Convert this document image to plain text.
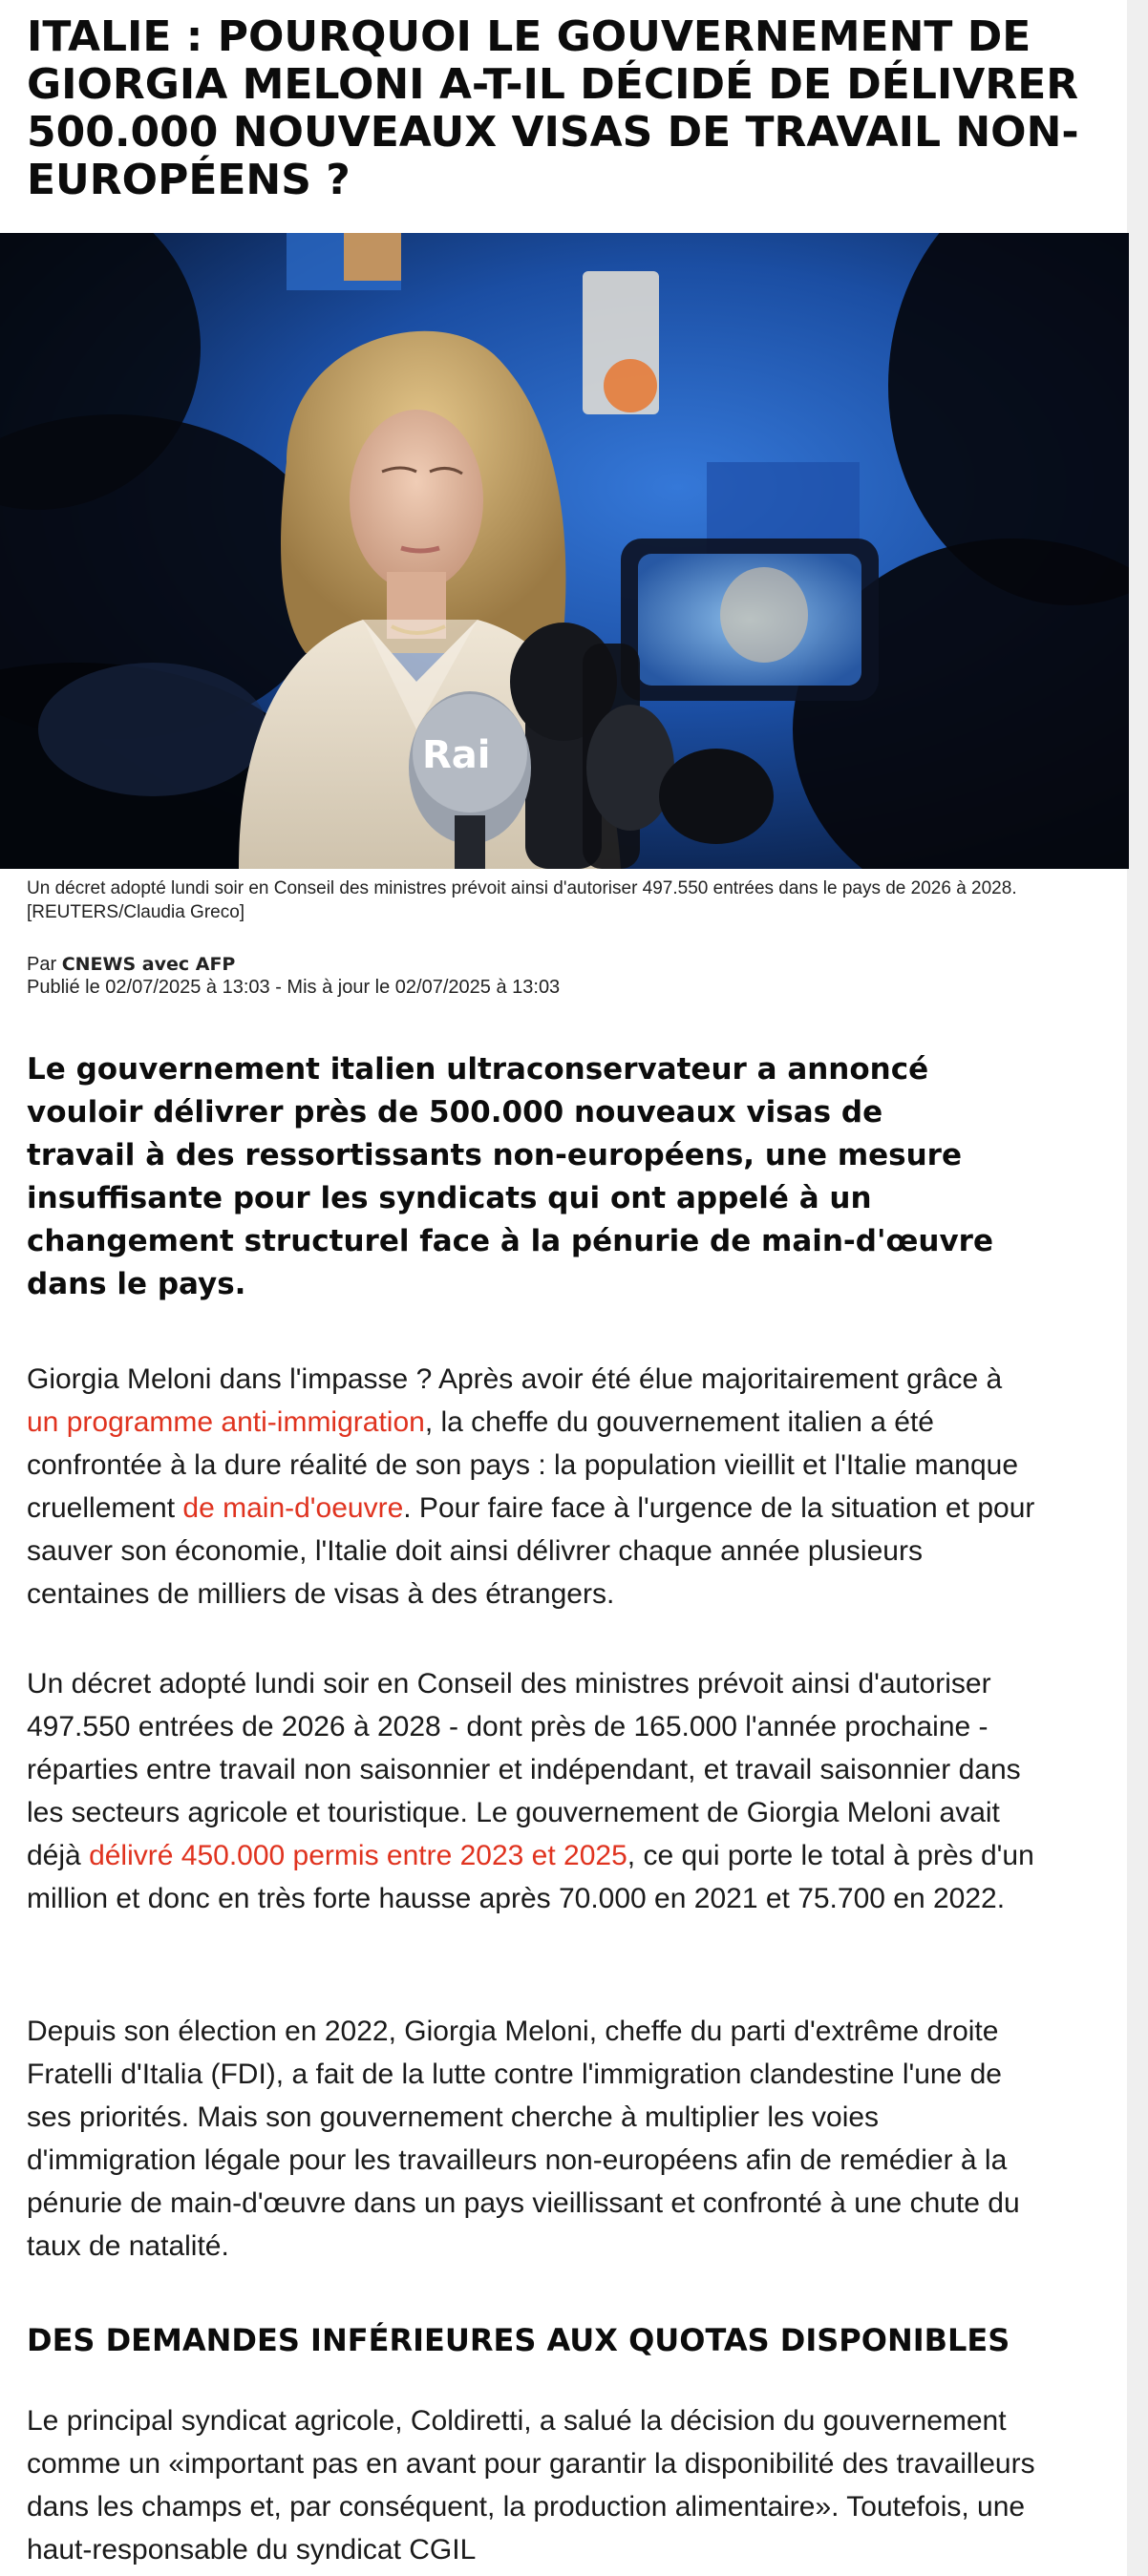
ITALIE : POURQUOI LE GOUVERNEMENT DE GIORGIA MELONI A-T-IL DÉCIDÉ DE DÉLIVRER 500.000 NOUVEAUX VISAS DE TRAVAIL NON-EUROPÉENS ?
Rai
Un décret adopté lundi soir en Conseil des ministres prévoit ainsi d'autoriser 497.550 entrées dans le pays de 2026 à 2028. [REUTERS/Claudia Greco]
Par CNEWS avec AFP
Publié le 02/07/2025 à 13:03 - Mis à jour le 02/07/2025 à 13:03

Le gouvernement italien ultraconservateur a annoncé vouloir délivrer près de 500.000 nouveaux visas de travail à des ressortissants non-européens, une mesure insuffisante pour les syndicats qui ont appelé à un changement structurel face à la pénurie de main-d'œuvre dans le pays.

Giorgia Meloni dans l'impasse ? Après avoir été élue majoritairement grâce à un programme anti-immigration, la cheffe du gouvernement italien a été confrontée à la dure réalité de son pays : la population vieillit et l'Italie manque cruellement de main-d'oeuvre. Pour faire face à l'urgence de la situation et pour sauver son économie, l'Italie doit ainsi délivrer chaque année plusieurs centaines de milliers de visas à des étrangers.

Un décret adopté lundi soir en Conseil des ministres prévoit ainsi d'autoriser 497.550 entrées de 2026 à 2028 - dont près de 165.000 l'année prochaine - réparties entre travail non saisonnier et indépendant, et travail saisonnier dans les secteurs agricole et touristique. Le gouvernement de Giorgia Meloni avait déjà délivré 450.000 permis entre 2023 et 2025, ce qui porte le total à près d'un million et donc en très forte hausse après 70.000 en 2021 et 75.700 en 2022.

Depuis son élection en 2022, Giorgia Meloni, cheffe du parti d'extrême droite Fratelli d'Italia (FDI), a fait de la lutte contre l'immigration clandestine l'une de ses priorités. Mais son gouvernement cherche à multiplier les voies d'immigration légale pour les travailleurs non-européens afin de remédier à la pénurie de main-d'œuvre dans un pays vieillissant et confronté à une chute du taux de natalité.

DES DEMANDES INFÉRIEURES AUX QUOTAS DISPONIBLES

Le principal syndicat agricole, Coldiretti, a salué la décision du gouvernement comme un «important pas en avant pour garantir la disponibilité des travailleurs dans les champs et, par conséquent, la production alimentaire». Toutefois, une haut-responsable du syndicat CGIL
